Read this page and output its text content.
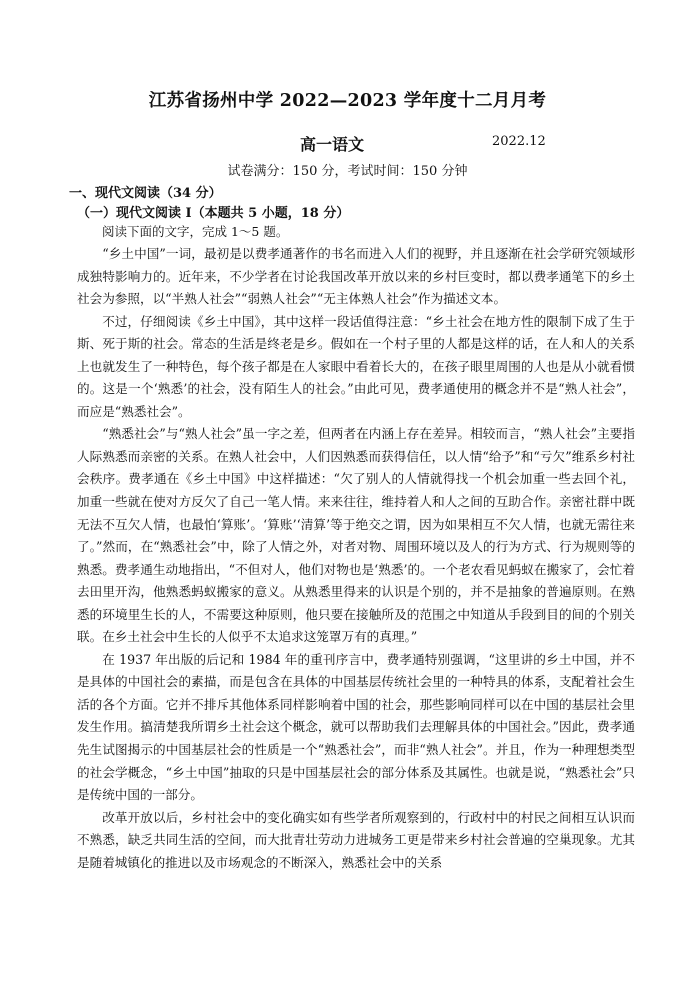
江苏省扬州中学 2022—2023 学年度十二月月考
高一语文	2022.12
试卷满分：150 分，考试时间：150 分钟
一、现代文阅读（34 分）
（一）现代文阅读 I（本题共 5 小题，18 分）

阅读下面的文字，完成 1～5 题。

“乡土中国”一词，最初是以费孝通著作的书名而进入人们的视野，并且逐渐在社会学研究领域形成独特影响力的。近年来，不少学者在讨论我国改革开放以来的乡村巨变时，都以费孝通笔下的乡土社会为参照，以“半熟人社会”“弱熟人社会”“无主体熟人社会”作为描述文本。

不过，仔细阅读《乡土中国》，其中这样一段话值得注意：“乡土社会在地方性的限制下成了生于斯、死于斯的社会。常态的生活是终老是乡。假如在一个村子里的人都是这样的话，在人和人的关系上也就发生了一种特色，每个孩子都是在人家眼中看着长大的，在孩子眼里周围的人也是从小就看惯的。这是一个‘熟悉’的社会，没有陌生人的社会。”由此可见，费孝通使用的概念并不是“熟人社会”，而应是“熟悉社会”。

“熟悉社会”与“熟人社会”虽一字之差，但两者在内涵上存在差异。相较而言，“熟人社会”主要指人际熟悉而亲密的关系。在熟人社会中，人们因熟悉而获得信任，以人情“给予”和“亏欠”维系乡村社会秩序。费孝通在《乡土中国》中这样描述：“欠了别人的人情就得找一个机会加重一些去回个礼，加重一些就在使对方反欠了自己一笔人情。来来往往，维持着人和人之间的互助合作。亲密社群中既无法不互欠人情，也最怕‘算账’。‘算账’‘清算’等于绝交之谓，因为如果相互不欠人情，也就无需往来了。”然而，在“熟悉社会”中，除了人情之外，对者对物、周围环境以及人的行为方式、行为规则等的熟悉。费孝通生动地指出，“不但对人，他们对物也是‘熟悉’的。一个老农看见蚂蚁在搬家了，会忙着去田里开沟，他熟悉蚂蚁搬家的意义。从熟悉里得来的认识是个别的，并不是抽象的普遍原则。在熟悉的环境里生长的人，不需要这种原则，他只要在接触所及的范围之中知道从手段到目的间的个别关联。在乡土社会中生长的人似乎不太追求这笼罩万有的真理。”

在 1937 年出版的后记和 1984 年的重刊序言中，费孝通特别强调，“这里讲的乡土中国，并不是具体的中国社会的素描，而是包含在具体的中国基层传统社会里的一种特具的体系，支配着社会生活的各个方面。它并不排斥其他体系同样影响着中国的社会，那些影响同样可以在中国的基层社会里发生作用。搞清楚我所谓乡土社会这个概念，就可以帮助我们去理解具体的中国社会。”因此，费孝通先生试图揭示的中国基层社会的性质是一个“熟悉社会”，而非“熟人社会”。并且，作为一种理想类型的社会学概念，“乡土中国”抽取的只是中国基层社会的部分体系及其属性。也就是说，“熟悉社会”只是传统中国的一部分。

改革开放以后，乡村社会中的变化确实如有些学者所观察到的，行政村中的村民之间相互认识而不熟悉，缺乏共同生活的空间，而大批青壮劳动力进城务工更是带来乡村社会普遍的空巢现象。尤其是随着城镇化的推进以及市场观念的不断深入，熟悉社会中的关系
